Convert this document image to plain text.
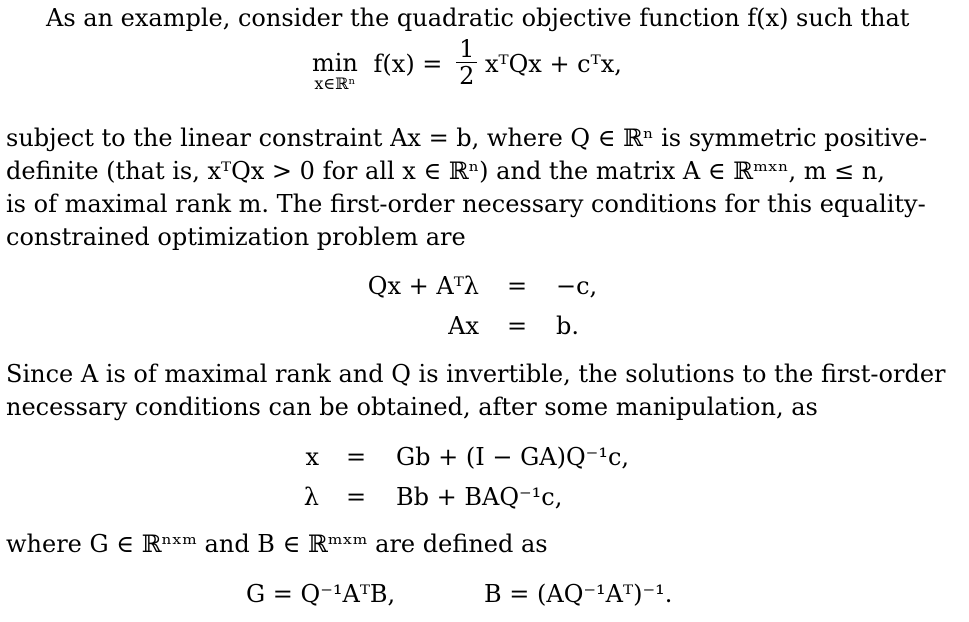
As an example, consider the quadratic objective function f(x) such that
min
x∈ℝⁿ
$f(x) = \frac{1}{2}$ xᵀQx + cᵀx,
subject to the linear constraint Ax = b, where Q ∈ ℝⁿ is symmetric positive-
definite (that is, xᵀQx > 0 for all x ∈ ℝⁿ) and the matrix A ∈ ℝᵐˣⁿ, m ≤ n,
is of maximal rank m. The first-order necessary conditions for this equality-
constrained optimization problem are
Qx + Aᵀλ = −c,
Ax = b.
Since A is of maximal rank and Q is invertible, the solutions to the first-order
necessary conditions can be obtained, after some manipulation, as
x = Gb + (I − GA)Q⁻¹c,
λ = Bb + BAQ⁻¹c,
where G ∈ ℝⁿˣᵐ and B ∈ ℝᵐˣᵐ are defined as
G = Q⁻¹AᵀB,	B = (AQ⁻¹Aᵀ)⁻¹.
